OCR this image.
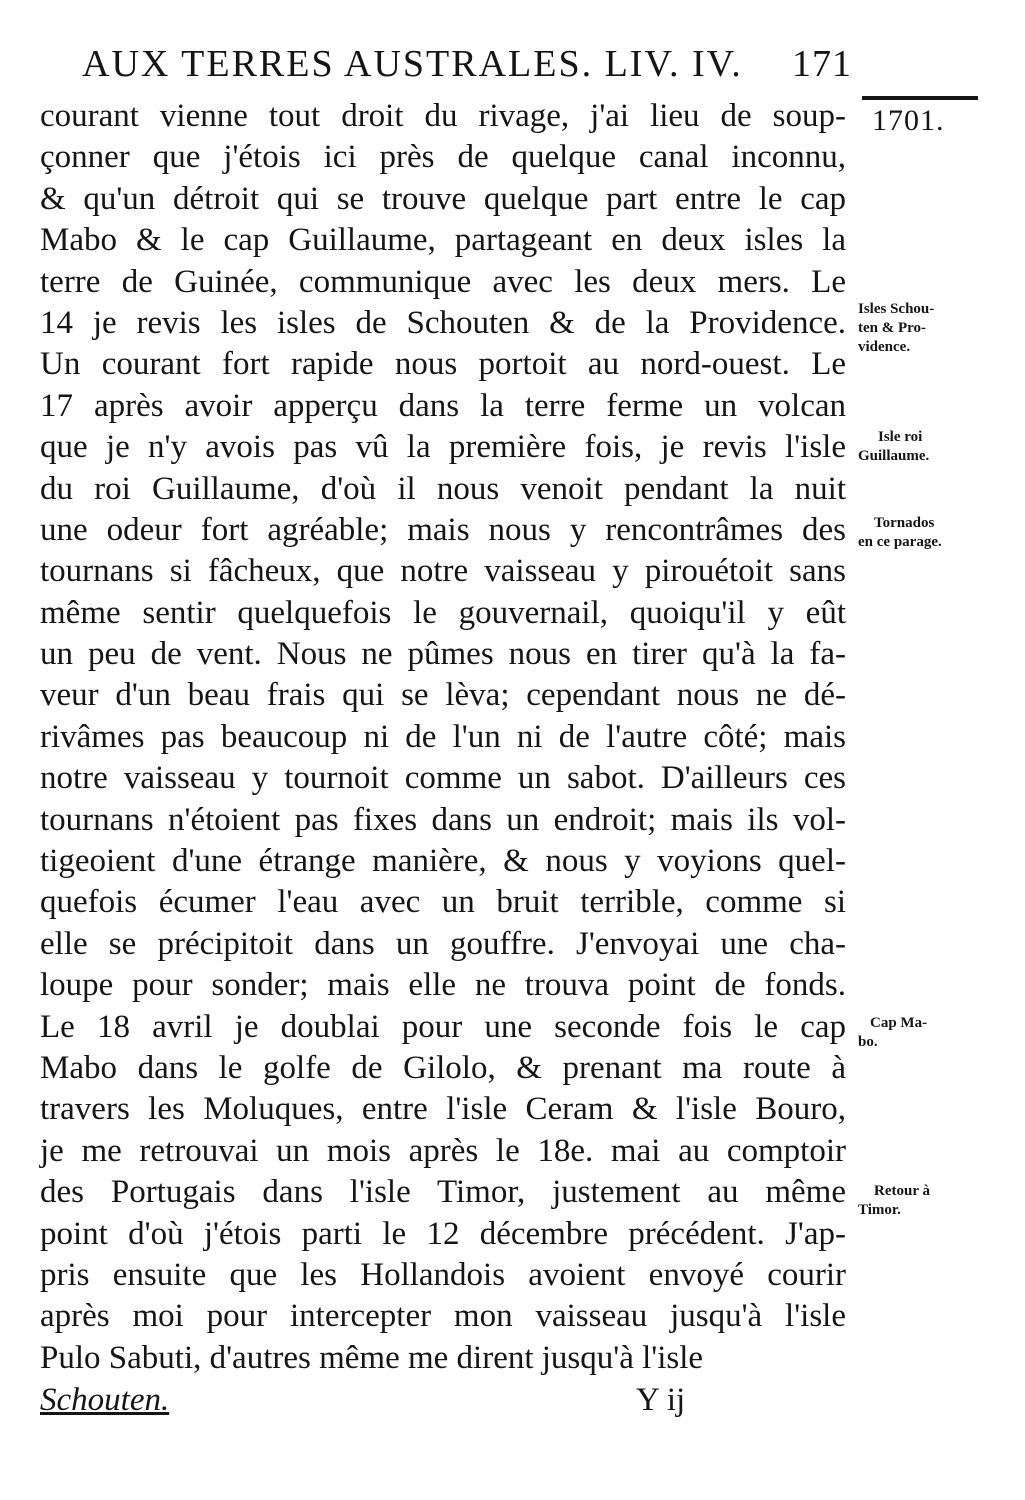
AUX TERRES AUSTRALES. LIV. IV. 171
1701.
courant vienne tout droit du rivage, j'ai lieu de soup-
çonner que j'étois ici près de quelque canal inconnu,
& qu'un détroit qui se trouve quelque part entre le cap
Mabo & le cap Guillaume, partageant en deux isles la
terre de Guinée, communique avec les deux mers. Le
14 je revis les isles de Schouten & de la Providence.
Un courant fort rapide nous portoit au nord-ouest. Le
17 après avoir apperçu dans la terre ferme un volcan
que je n'y avois pas vû la première fois, je revis l'isle
du roi Guillaume, d'où il nous venoit pendant la nuit
une odeur fort agréable; mais nous y rencontrâmes des
tournans si fâcheux, que notre vaisseau y pirouétoit sans
même sentir quelquefois le gouvernail, quoiqu'il y eût
un peu de vent. Nous ne pûmes nous en tirer qu'à la fa-
veur d'un beau frais qui se lèva; cependant nous ne dé-
rivâmes pas beaucoup ni de l'un ni de l'autre côté; mais
notre vaisseau y tournoit comme un sabot. D'ailleurs ces
tournans n'étoient pas fixes dans un endroit; mais ils vol-
tigeoient d'une étrange manière, & nous y voyions quel-
quefois écumer l'eau avec un bruit terrible, comme si
elle se précipitoit dans un gouffre. J'envoyai une cha-
loupe pour sonder; mais elle ne trouva point de fonds.
Le 18 avril je doublai pour une seconde fois le cap
Mabo dans le golfe de Gilolo, & prenant ma route à
travers les Moluques, entre l'isle Ceram & l'isle Bouro,
je me retrouvai un mois après le 18e. mai au comptoir
des Portugais dans l'isle Timor, justement au même
point d'où j'étois parti le 12 décembre précédent. J'ap-
pris ensuite que les Hollandois avoient envoyé courir
après moi pour intercepter mon vaisseau jusqu'à l'isle
Pulo Sabuti, d'autres même me dirent jusqu'à l'isle
Isles Schou-
ten & Pro-
vidence.
Isle roi
Guillaume.
Tornados
en ce parage.
Cap Ma-
bo.
Retour à
Timor.
Schouten.	Y ij
